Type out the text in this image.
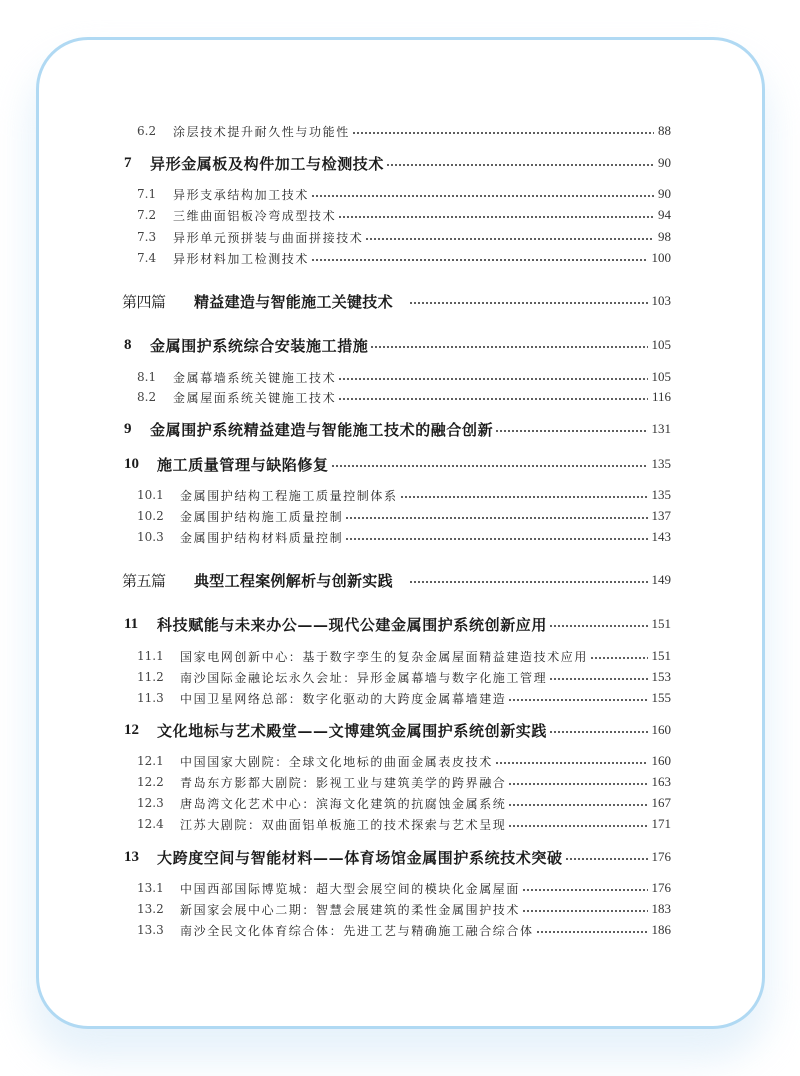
6.2	涂层技术提升耐久性与功能性	88
7	异形金属板及构件加工与检测技术	90
7.1	异形支承结构加工技术	90
7.2	三维曲面铝板冷弯成型技术	94
7.3	异形单元预拼装与曲面拼接技术	98
7.4	异形材料加工检测技术	100
第四篇	精益建造与智能施工关键技术	103
8	金属围护系统综合安装施工措施	105
8.1	金属幕墙系统关键施工技术	105
8.2	金属屋面系统关键施工技术	116
9	金属围护系统精益建造与智能施工技术的融合创新	131
10	施工质量管理与缺陷修复	135
10.1	金属围护结构工程施工质量控制体系	135
10.2	金属围护结构施工质量控制	137
10.3	金属围护结构材料质量控制	143
第五篇	典型工程案例解析与创新实践	149
11	科技赋能与未来办公——现代公建金属围护系统创新应用	151
11.1	国家电网创新中心：基于数字孪生的复杂金属屋面精益建造技术应用	151
11.2	南沙国际金融论坛永久会址：异形金属幕墙与数字化施工管理	153
11.3	中国卫星网络总部：数字化驱动的大跨度金属幕墙建造	155
12	文化地标与艺术殿堂——文博建筑金属围护系统创新实践	160
12.1	中国国家大剧院：全球文化地标的曲面金属表皮技术	160
12.2	青岛东方影都大剧院：影视工业与建筑美学的跨界融合	163
12.3	唐岛湾文化艺术中心：滨海文化建筑的抗腐蚀金属系统	167
12.4	江苏大剧院：双曲面铝单板施工的技术探索与艺术呈现	171
13	大跨度空间与智能材料——体育场馆金属围护系统技术突破	176
13.1	中国西部国际博览城：超大型会展空间的模块化金属屋面	176
13.2	新国家会展中心二期：智慧会展建筑的柔性金属围护技术	183
13.3	南沙全民文化体育综合体：先进工艺与精确施工融合综合体	186
